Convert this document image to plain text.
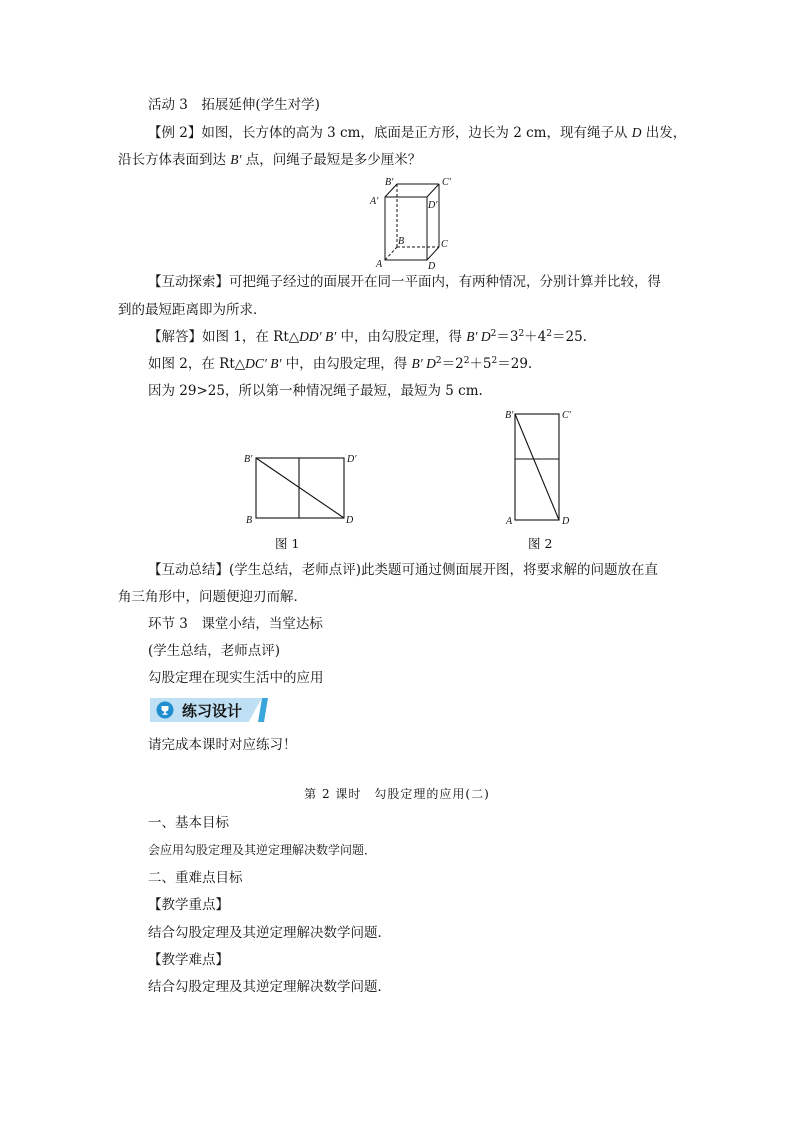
活动 3　拓展延伸(学生对学)
【例 2】如图，长方体的高为 3 cm，底面是正方形，边长为 2 cm，现有绳子从 D 出发，
沿长方体表面到达 B′ 点，问绳子最短是多少厘米？
B′	C′
A′	D′
B	C
A	D
【互动探索】可把绳子经过的面展开在同一平面内，有两种情况，分别计算并比较，得
到的最短距离即为所求．
【解答】如图 1，在 Rt△DD′ B′ 中，由勾股定理，得 B′ $D^2=3^2+4^2=25$.
如图 2，在 Rt△DC′ B′ 中，由勾股定理，得 B′ $D^2=2^2+5^2=29$.
因为 29>25，所以第一种情况绳子最短，最短为 5 cm.
B′	D′
B	D
图 1
B′	C′
A	D
图 2
【互动总结】(学生总结，老师点评)此类题可通过侧面展开图，将要求解的问题放在直
角三角形中，问题便迎刃而解．
环节 3　课堂小结，当堂达标
(学生总结，老师点评)
勾股定理在现实生活中的应用
练习设计
请完成本课时对应练习！
第 2 课时　勾股定理的应用(二)
一、基本目标
会应用勾股定理及其逆定理解决数学问题．
二、重难点目标
【教学重点】
结合勾股定理及其逆定理解决数学问题．
【教学难点】
结合勾股定理及其逆定理解决数学问题．
